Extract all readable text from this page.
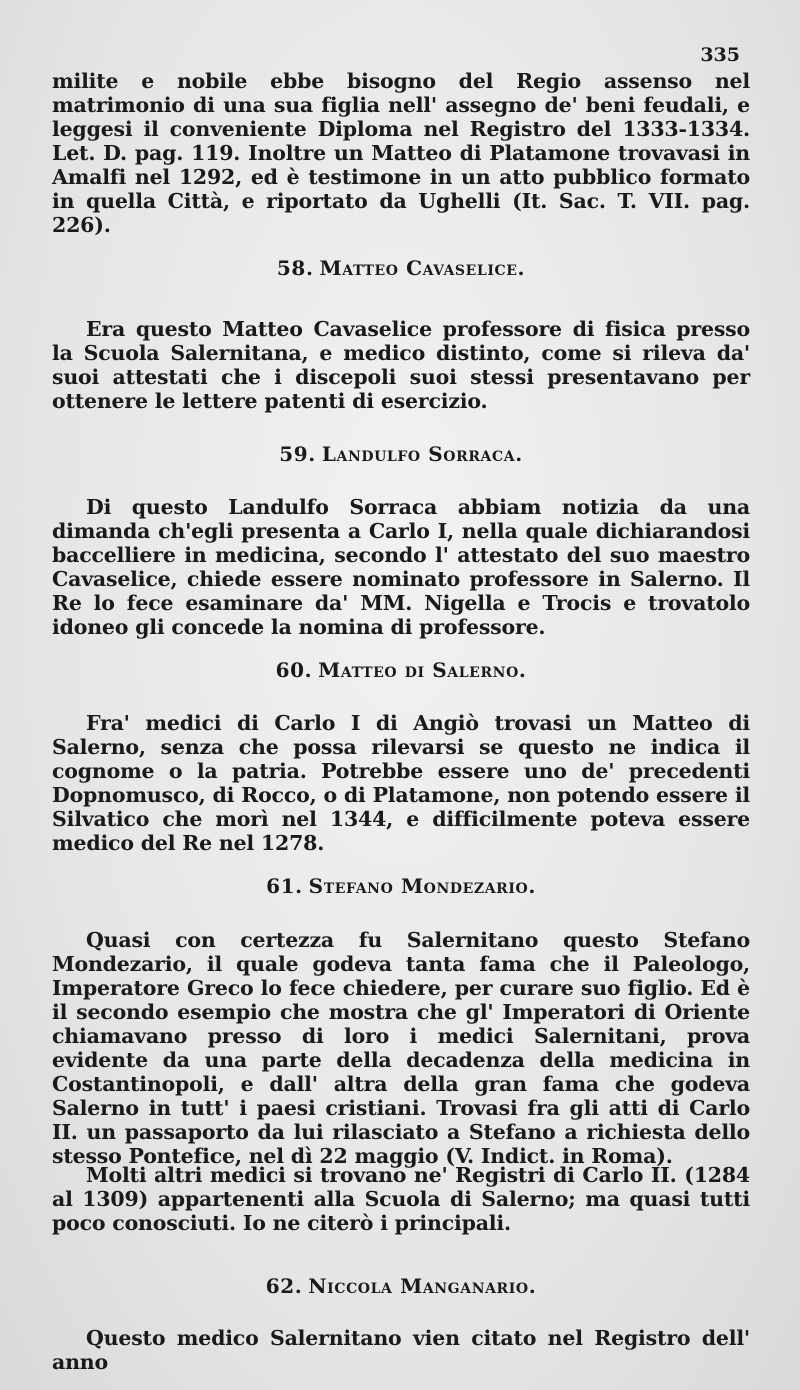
335
milite e nobile ebbe bisogno del Regio assenso nel matrimonio di una sua figlia nell' assegno de' beni feudali, e leggesi il conveniente Diploma nel Registro del 1333-1334. Let. D. pag. 119. Inoltre un Matteo di Platamone trovavasi in Amalfi nel 1292, ed è testimone in un atto pubblico formato in quella Città, e riportato da Ughelli (It. Sac. T. VII. pag. 226).
58. Matteo Cavaselice.
Era questo Matteo Cavaselice professore di fisica presso la Scuola Salernitana, e medico distinto, come si rileva da' suoi attestati che i discepoli suoi stessi presentavano per ottenere le lettere patenti di esercizio.
59. Landulfo Sorraca.
Di questo Landulfo Sorraca abbiam notizia da una dimanda ch'egli presenta a Carlo I, nella quale dichiarandosi baccelliere in medicina, secondo l' attestato del suo maestro Cavaselice, chiede essere nominato professore in Salerno. Il Re lo fece esaminare da' MM. Nigella e Trocis e trovatolo idoneo gli concede la nomina di professore.
60. Matteo di Salerno.
Fra' medici di Carlo I di Angiò trovasi un Matteo di Salerno, senza che possa rilevarsi se questo ne indica il cognome o la patria. Potrebbe essere uno de' precedenti Dopnomusco, di Rocco, o di Platamone, non potendo essere il Silvatico che morì nel 1344, e difficilmente poteva essere medico del Re nel 1278.
61. Stefano Mondezario.
Quasi con certezza fu Salernitano questo Stefano Mondezario, il quale godeva tanta fama che il Paleologo, Imperatore Greco lo fece chiedere, per curare suo figlio. Ed è il secondo esempio che mostra che gl' Imperatori di Oriente chiamavano presso di loro i medici Salernitani, prova evidente da una parte della decadenza della medicina in Costantinopoli, e dall' altra della gran fama che godeva Salerno in tutt' i paesi cristiani. Trovasi fra gli atti di Carlo II. un passaporto da lui rilasciato a Stefano a richiesta dello stesso Pontefice, nel dì 22 maggio (V. Indict. in Roma).
Molti altri medici si trovano ne' Registri di Carlo II. (1284 al 1309) appartenenti alla Scuola di Salerno; ma quasi tutti poco conosciuti. Io ne citerò i principali.
62. Niccola Manganario.
Questo medico Salernitano vien citato nel Registro dell' anno
